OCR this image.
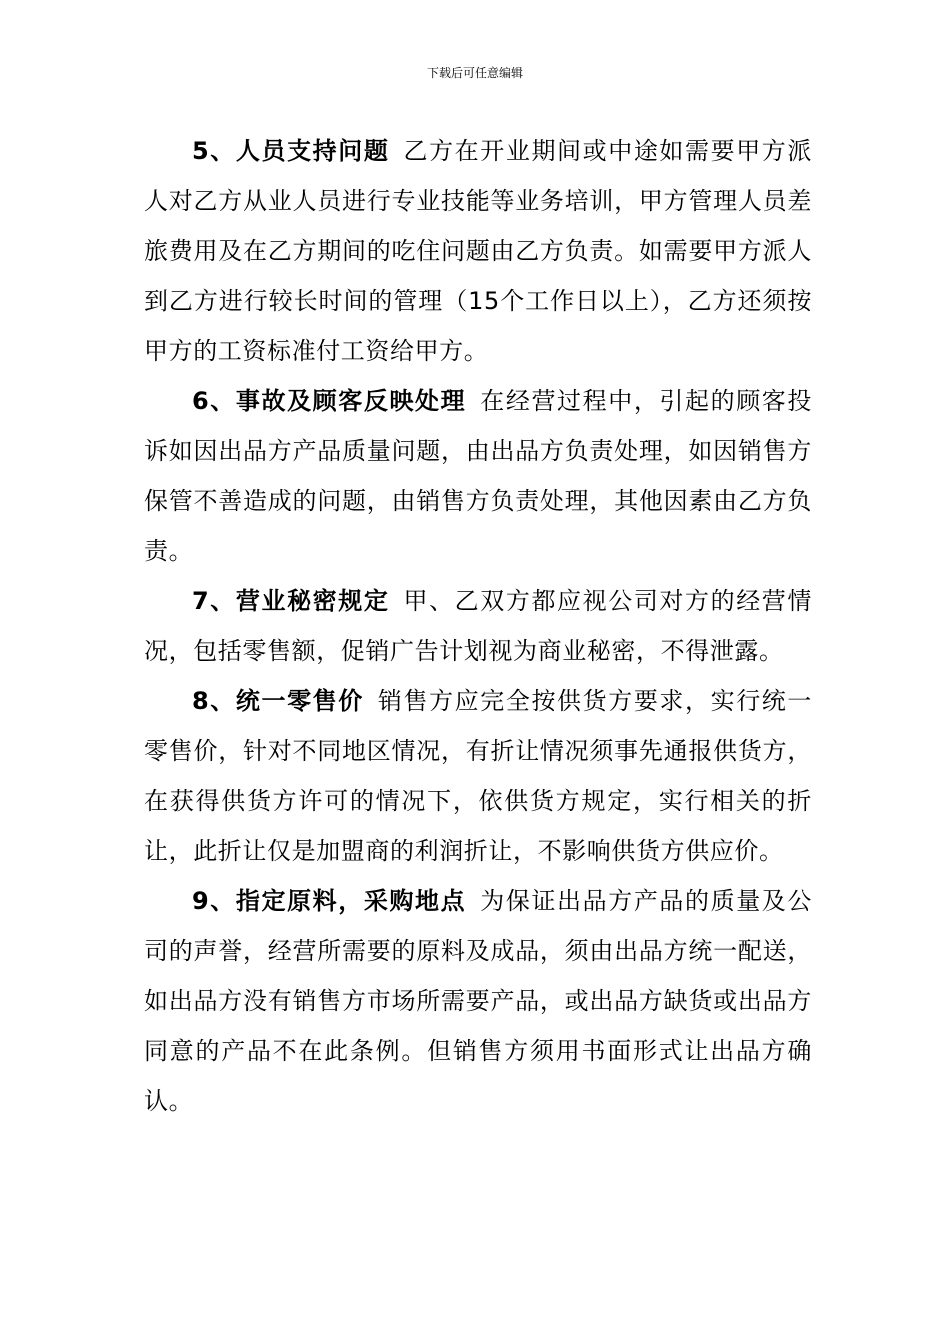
下载后可任意编辑

5、人员支持问题 乙方在开业期间或中途如需要甲方派人对乙方从业人员进行专业技能等业务培训，甲方管理人员差旅费用及在乙方期间的吃住问题由乙方负责。如需要甲方派人到乙方进行较长时间的管理（15个工作日以上），乙方还须按甲方的工资标准付工资给甲方。

6、事故及顾客反映处理 在经营过程中，引起的顾客投诉如因出品方产品质量问题，由出品方负责处理，如因销售方保管不善造成的问题，由销售方负责处理，其他因素由乙方负责。

7、营业秘密规定 甲、乙双方都应视公司对方的经营情况，包括零售额，促销广告计划视为商业秘密，不得泄露。

8、统一零售价 销售方应完全按供货方要求，实行统一零售价，针对不同地区情况，有折让情况须事先通报供货方，在获得供货方许可的情况下，依供货方规定，实行相关的折让，此折让仅是加盟商的利润折让，不影响供货方供应价。

9、指定原料，采购地点 为保证出品方产品的质量及公司的声誉，经营所需要的原料及成品，须由出品方统一配送，如出品方没有销售方市场所需要产品，或出品方缺货或出品方同意的产品不在此条例。但销售方须用书面形式让出品方确认。
